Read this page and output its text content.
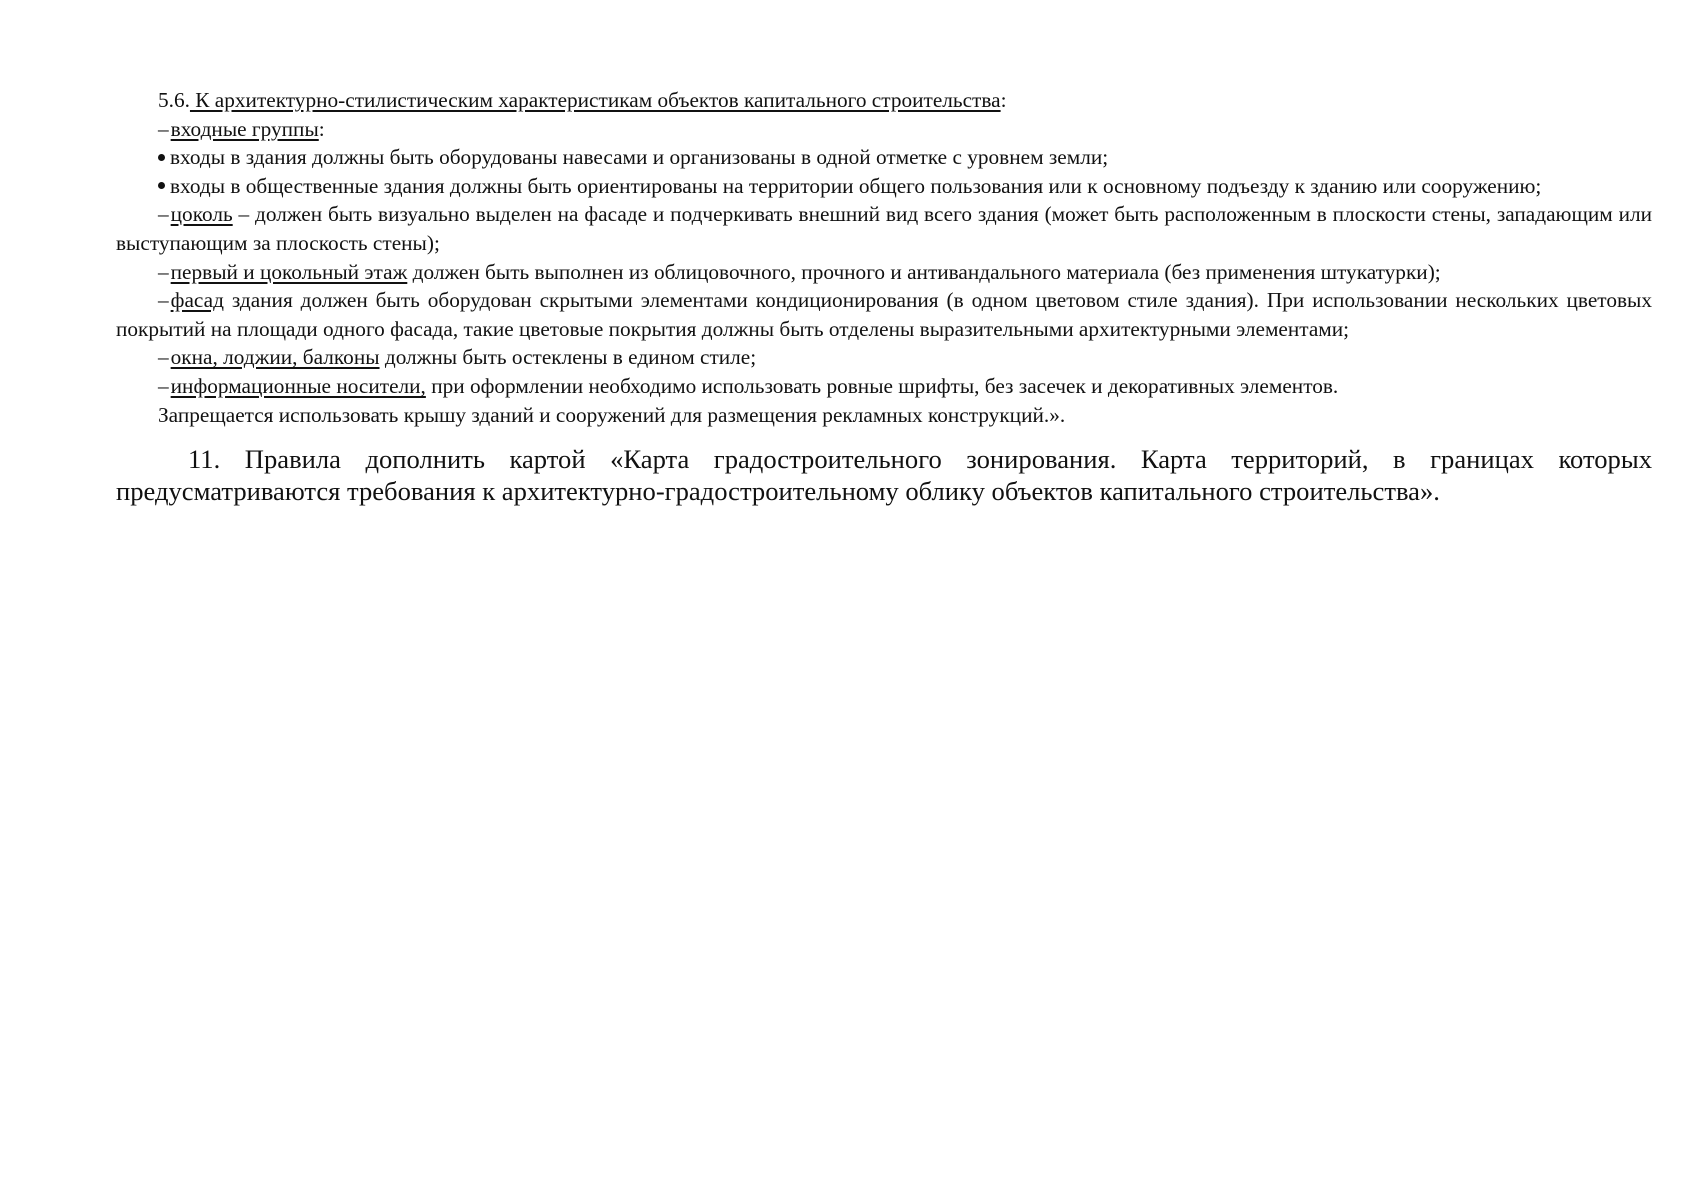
5.6. К архитектурно-стилистическим характеристикам объектов капитального строительства:

–входные группы:

входы в здания должны быть оборудованы навесами и организованы в одной отметке с уровнем земли;

входы в общественные здания должны быть ориентированы на территории общего пользования или к основному подъезду к зданию или сооружению;

–цоколь – должен быть визуально выделен на фасаде и подчеркивать внешний вид всего здания (может быть расположенным в плоскости стены, западающим или выступающим за плоскость стены);

–первый и цокольный этаж должен быть выполнен из облицовочного, прочного и антивандального материала (без применения штукатурки);

–фасад здания должен быть оборудован скрытыми элементами кондиционирования (в одном цветовом стиле здания). При использовании нескольких цветовых покрытий на площади одного фасада, такие цветовые покрытия должны быть отделены выразительными архитектурными элементами;

–окна, лоджии, балконы должны быть остеклены в едином стиле;

–информационные носители, при оформлении необходимо использовать ровные шрифты, без засечек и декоративных элементов.

Запрещается использовать крышу зданий и сооружений для размещения рекламных конструкций.».

11. Правила дополнить картой «Карта градостроительного зонирования. Карта территорий, в границах которых предусматриваются требования к архитектурно-градостроительному облику объектов капитального строительства».
